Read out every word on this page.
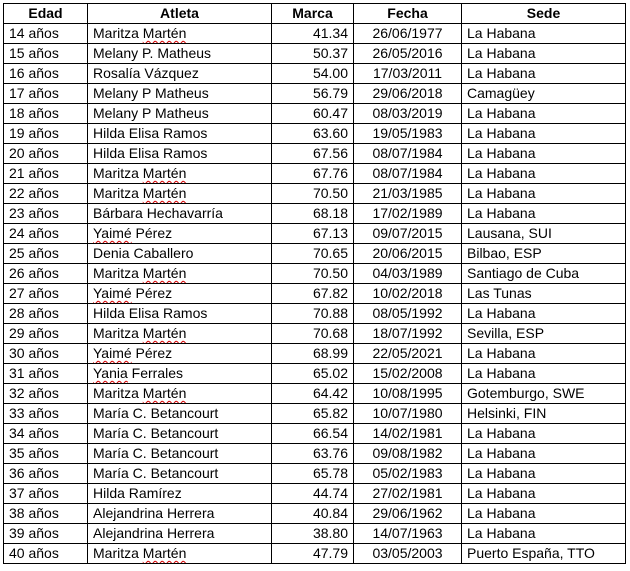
Edad	Atleta	Marca	Fecha	Sede
14 años	Maritza Martén	41.34	26/06/1977	La Habana
15 años	Melany P. Matheus	50.37	26/05/2016	La Habana
16 años	Rosalía Vázquez	54.00	17/03/2011	La Habana
17 años	Melany P Matheus	56.79	29/06/2018	Camagüey
18 años	Melany P Matheus	60.47	08/03/2019	La Habana
19 años	Hilda Elisa Ramos	63.60	19/05/1983	La Habana
20 años	Hilda Elisa Ramos	67.56	08/07/1984	La Habana
21 años	Maritza Martén	67.76	08/07/1984	La Habana
22 años	Maritza Martén	70.50	21/03/1985	La Habana
23 años	Bárbara Hechavarría	68.18	17/02/1989	La Habana
24 años	Yaimé Pérez	67.13	09/07/2015	Lausana, SUI
25 años	Denia Caballero	70.65	20/06/2015	Bilbao, ESP
26 años	Maritza Martén	70.50	04/03/1989	Santiago de Cuba
27 años	Yaimé Pérez	67.82	10/02/2018	Las Tunas
28 años	Hilda Elisa Ramos	70.88	08/05/1992	La Habana
29 años	Maritza Martén	70.68	18/07/1992	Sevilla, ESP
30 años	Yaimé Pérez	68.99	22/05/2021	La Habana
31 años	Yania Ferrales	65.02	15/02/2008	La Habana
32 años	Maritza Martén	64.42	10/08/1995	Gotemburgo, SWE
33 años	María C. Betancourt	65.82	10/07/1980	Helsinki, FIN
34 años	María C. Betancourt	66.54	14/02/1981	La Habana
35 años	María C. Betancourt	63.76	09/08/1982	La Habana
36 años	María C. Betancourt	65.78	05/02/1983	La Habana
37 años	Hilda Ramírez	44.74	27/02/1981	La Habana
38 años	Alejandrina Herrera	40.84	29/06/1962	La Habana
39 años	Alejandrina Herrera	38.80	14/07/1963	La Habana
40 años	Maritza Martén	47.79	03/05/2003	Puerto España, TTO
